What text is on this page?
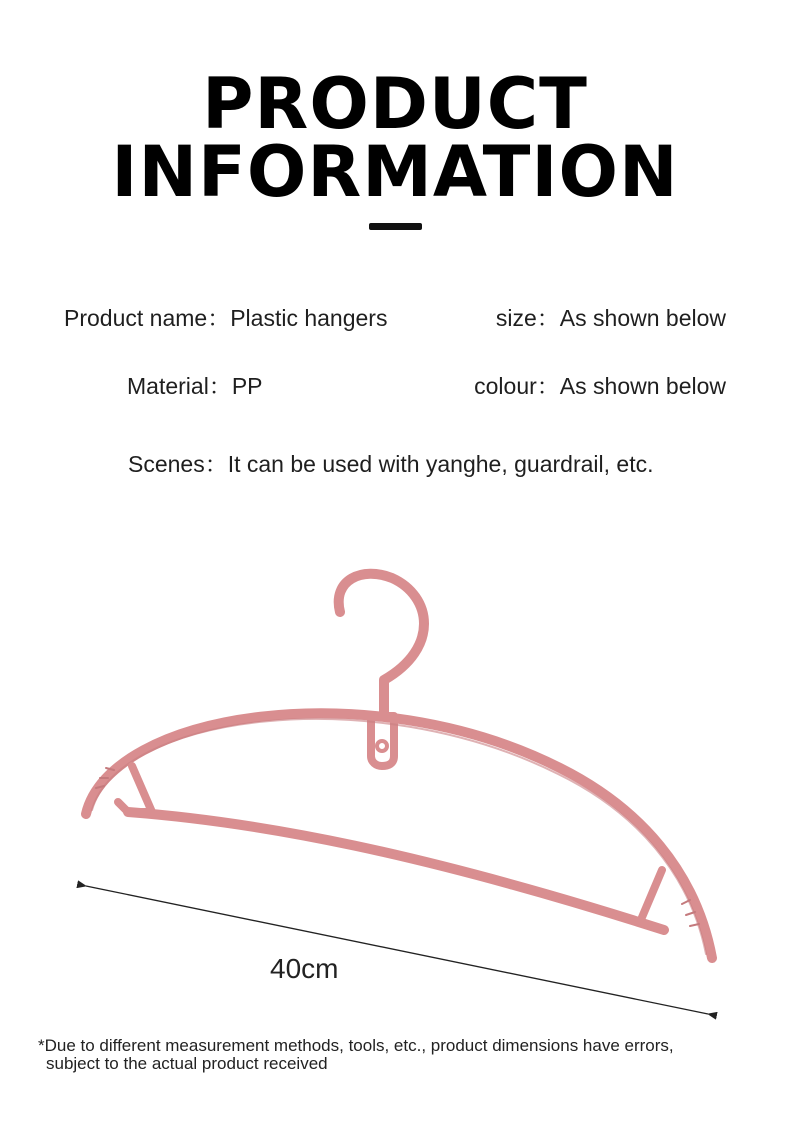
PRODUCT
INFORMATION
Product name：Plastic hangers	size：As shown below
Material：PP	colour：As shown below
Scenes：It can be used with yanghe, guardrail, etc.
40cm
*Due to different measurement methods, tools, etc., product dimensions have errors,
subject to the actual product received
